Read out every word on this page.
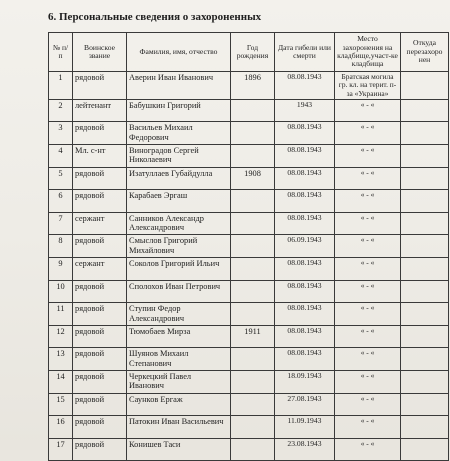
6. Персональные сведения о захороненных
№ п/п	Воинское звание	Фамилия, имя, отчество	Год рождения	Дата гибели или смерти	Место захоронения на кладбище,участ-ке кладбища	Откуда перезахоро нен
1	рядовой	Аверин Иван Иванович	1896	08.08.1943	Братская могила гр. кл. на терит. п-за «Украина»	
2	лейтенант	Бабушкин Григорий		1943	« - «	
3	рядовой	Васильев Михаил Федорович		08.08.1943	« - «	
4	Мл. с-нт	Виноградов Сергей Николаевич		08.08.1943	« - «	
5	рядовой	Изатуллаев Губайдулла	1908	08.08.1943	« - «	
6	рядовой	Карабаев Эргаш		08.08.1943	« - «	
7	сержант	Санников Александр Александрович		08.08.1943	« - «	
8	рядовой	Смыслов Григорий Михайлович		06.09.1943	« - «	
9	сержант	Соколов Григорий Ильич		08.08.1943	« - «	
10	рядовой	Сполохов Иван Петрович		08.08.1943	« - «	
11	рядовой	Ступин Федор Александрович		08.08.1943	« - «	
12	рядовой	Тюмобаев Мирза	1911	08.08.1943	« - «	
13	рядовой	Шуянов Михаил Степанович		08.08.1943	« - «	
14	рядовой	Черкецкий Павел Иванович		18.09.1943	« - «	
15	рядовой	Саунков Ергаж		27.08.1943	« - «	
16	рядовой	Патокин Иван Васильевич		11.09.1943	« - «	
17	рядовой	Конишев Таси		23.08.1943	« - «	
